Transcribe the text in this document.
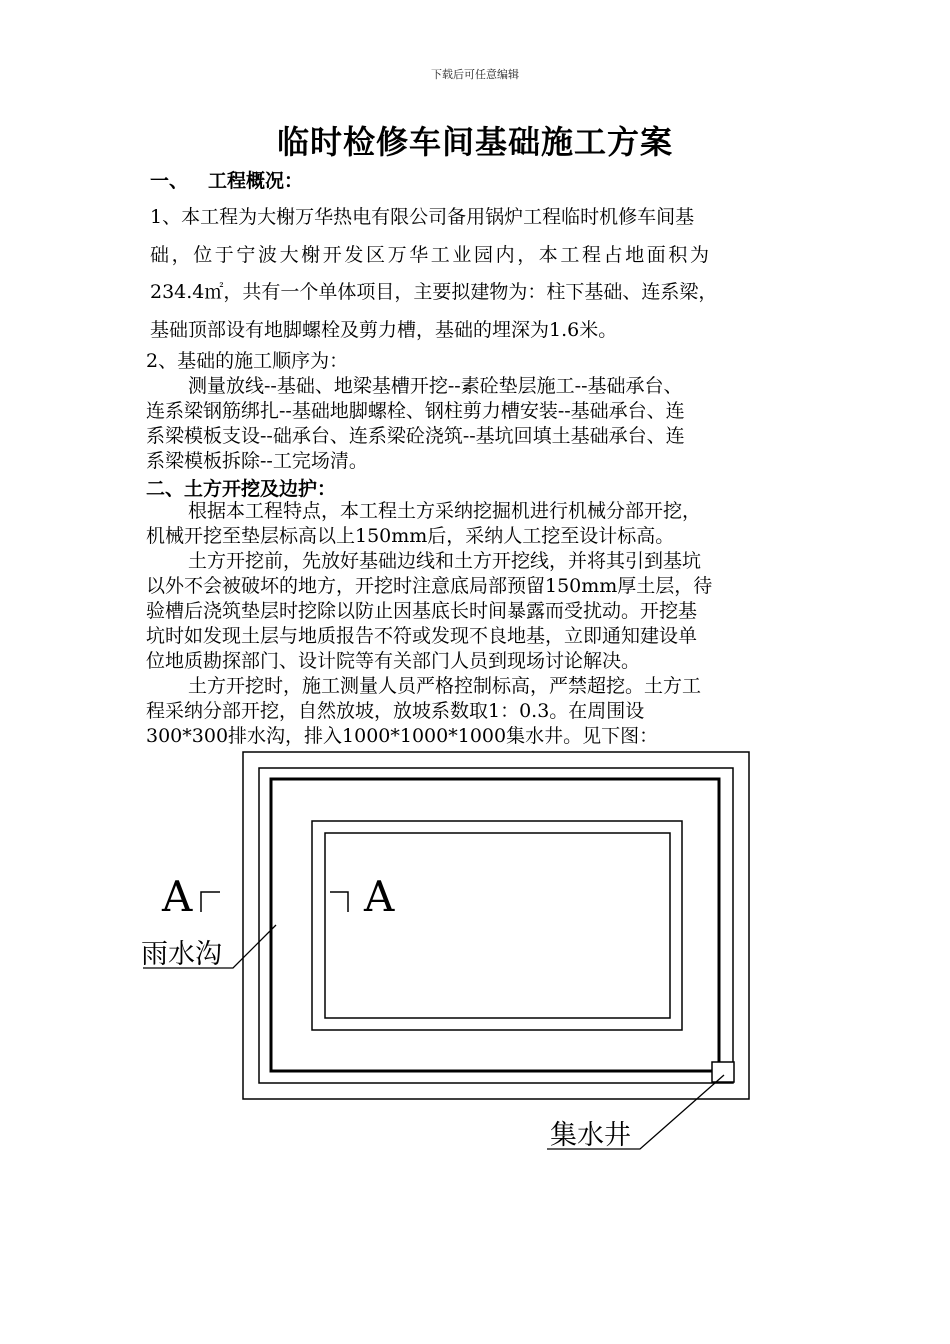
下载后可任意编辑
临时检修车间基础施工方案
一、 工程概况：
1、本工程为大榭万华热电有限公司备用锅炉工程临时机修车间基
础，位于宁波大榭开发区万华工业园内，本工程占地面积为
234.4㎡，共有一个单体项目，主要拟建物为：柱下基础、连系梁，
基础顶部设有地脚螺栓及剪力槽，基础的埋深为1.6米。
2、基础的施工顺序为：
测量放线--基础、地梁基槽开挖--素砼垫层施工--基础承台、
连系梁钢筋绑扎--基础地脚螺栓、钢柱剪力槽安装--基础承台、连
系梁模板支设--础承台、连系梁砼浇筑--基坑回填土基础承台、连
系梁模板拆除--工完场清。
二、土方开挖及边护：
根据本工程特点，本工程土方采纳挖掘机进行机械分部开挖，
机械开挖至垫层标高以上150mm后，采纳人工挖至设计标高。
土方开挖前，先放好基础边线和土方开挖线，并将其引到基坑
以外不会被破坏的地方，开挖时注意底局部预留150mm厚土层，待
验槽后浇筑垫层时挖除以防止因基底长时间暴露而受扰动。开挖基
坑时如发现土层与地质报告不符或发现不良地基，立即通知建设单
位地质勘探部门、设计院等有关部门人员到现场讨论解决。
土方开挖时，施工测量人员严格控制标高，严禁超挖。土方工
程采纳分部开挖，自然放坡，放坡系数取1：0.3。在周围设
300*300排水沟，排入1000*1000*1000集水井。见下图：
A	A
雨水沟
集水井
